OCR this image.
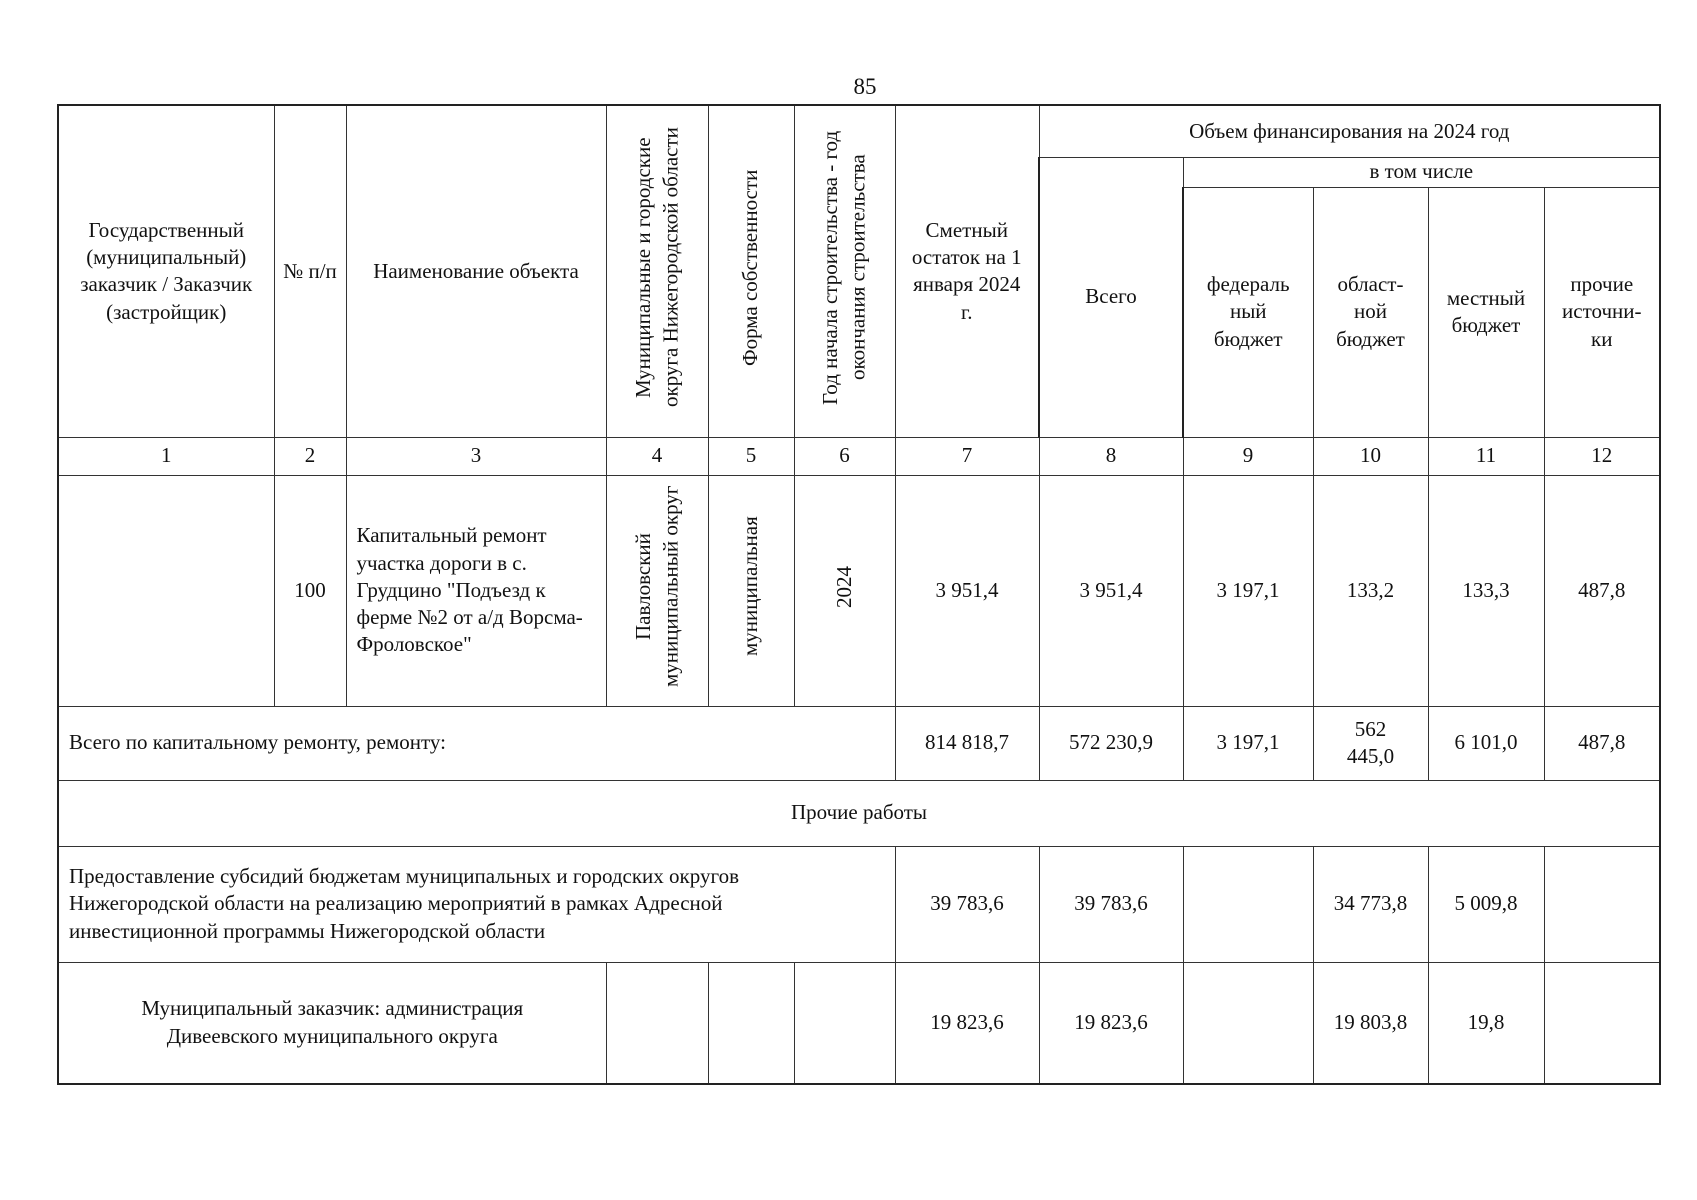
85
Государственный (муниципальный) заказчик / Заказчик (застройщик)	№ п/п	Наименование объекта	Муниципальные и городские округа Нижегородской области	Форма собственности	Год начала строительства - год окончания строительства	Сметный остаток на 1 января 2024 г.	Объем финансирования на 2024 год				
							Всего	в том числе			
								федераль ный бюджет	област-ной бюджет	местный бюджет	прочие источни-ки
1	2	3	4	5	6	7	8	9	10	11	12
	100	Капитальный ремонт участка дороги в с. Грудцино "Подъезд к ферме №2 от а/д Ворсма-Фроловское"	Павловский муниципальный округ	муниципальная	2024	3 951,4	3 951,4	3 197,1	133,2	133,3	487,8
Всего по капитальному ремонту, ремонту:						814 818,7	572 230,9	3 197,1	562 445,0	6 101,0	487,8
Прочие работы											
Предоставление субсидий бюджетам муниципальных и городских округов Нижегородской области на реализацию мероприятий в рамках Адресной инвестиционной программы Нижегородской области						39 783,6	39 783,6		34 773,8	5 009,8	
Муниципальный заказчик: администрация Дивеевского муниципального округа						19 823,6	19 823,6		19 803,8	19,8	
